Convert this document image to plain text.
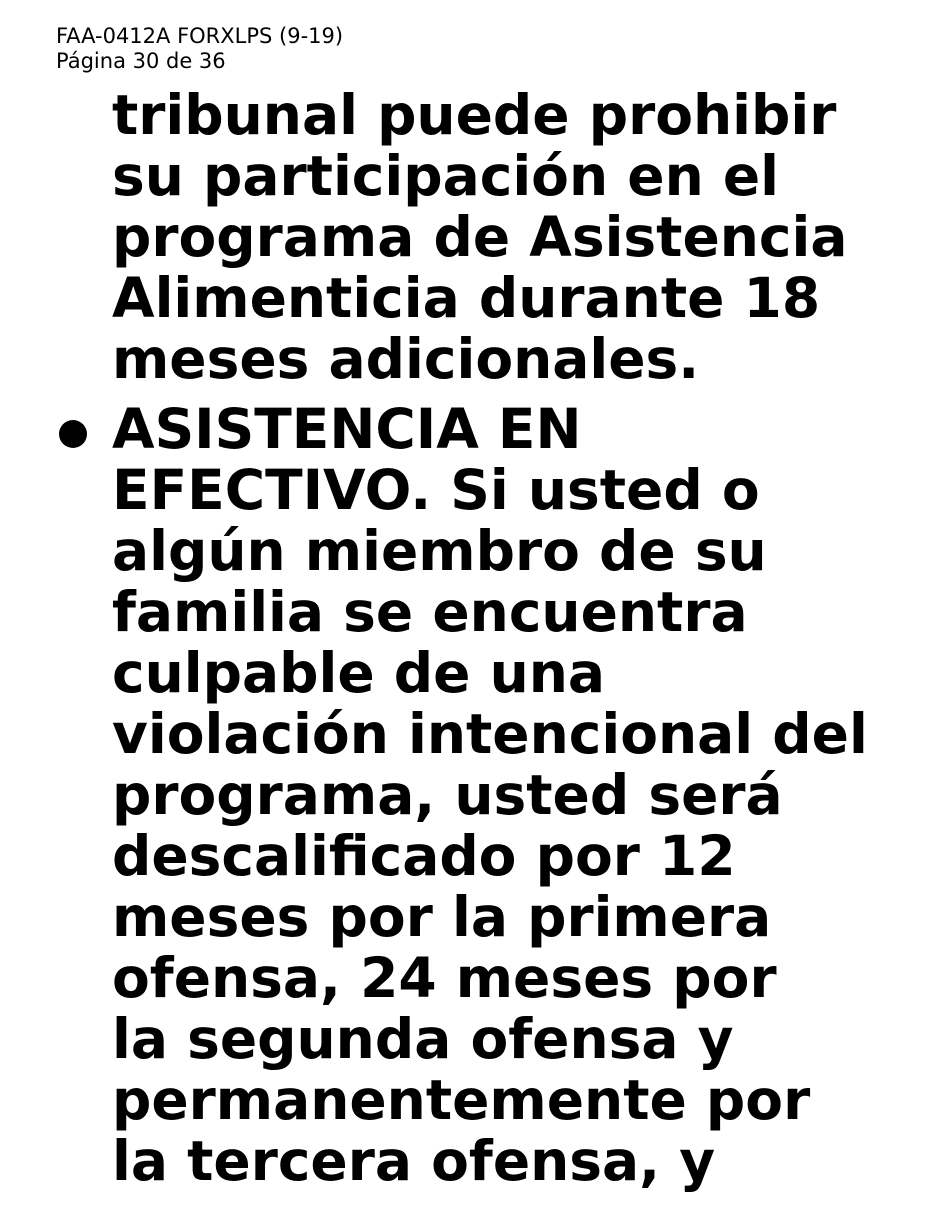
FAA-0412A FORXLPS (9-19)
Página 30 de 36
tribunal puede prohibir
su participación en el
programa de Asistencia
Alimenticia durante 18
meses adicionales.
ASISTENCIA EN
EFECTIVO. Si usted o
algún miembro de su
familia se encuentra
culpable de una
violación intencional del
programa, usted será
descalificado por 12
meses por la primera
ofensa, 24 meses por
la segunda ofensa y
permanentemente por
la tercera ofensa, y
